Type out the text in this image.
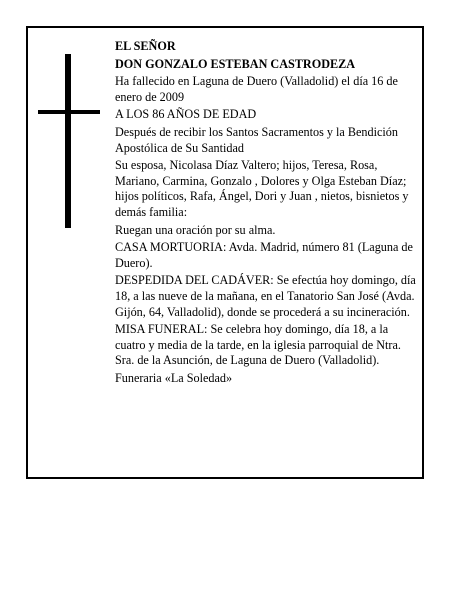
EL SEÑOR
DON GONZALO ESTEBAN CASTRODEZA
Ha fallecido en Laguna de Duero (Valladolid) el día 16 de enero de 2009
A LOS 86 AÑOS DE EDAD
Después de recibir los Santos Sacramentos y la Bendición Apostólica de Su Santidad
Su esposa, Nicolasa Díaz Valtero; hijos, Teresa, Rosa, Mariano, Carmina, Gonzalo , Dolores y Olga Esteban Díaz; hijos políticos, Rafa, Ángel, Dori y Juan , nietos, bisnietos y demás familia:
Ruegan una oración por su alma.
CASA MORTUORIA: Avda. Madrid, número 81 (Laguna de Duero).
DESPEDIDA DEL CADÁVER: Se efectúa hoy domingo, día 18, a las nueve de la mañana, en el Tanatorio San José (Avda. Gijón, 64, Valladolid), donde se procederá a su incineración.
MISA FUNERAL: Se celebra hoy domingo, día 18, a la cuatro y media de la tarde, en la iglesia parroquial de Ntra. Sra. de la Asunción, de Laguna de Duero (Valladolid).
Funeraria «La Soledad»
